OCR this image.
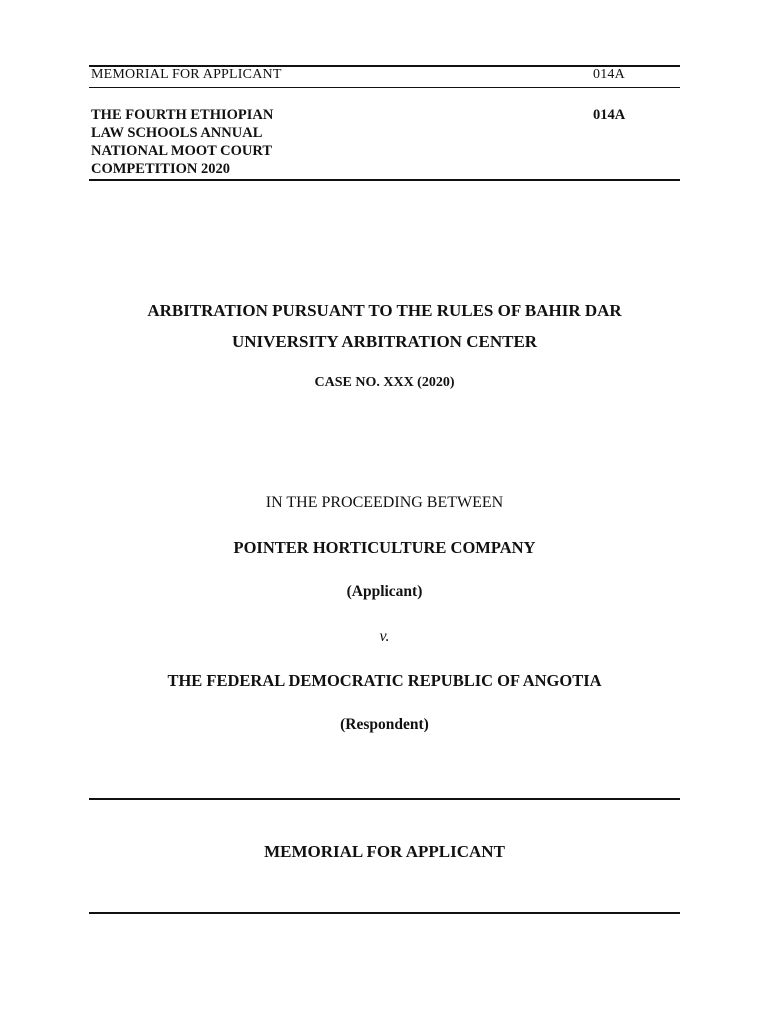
MEMORIAL FOR APPLICANT	014A
THE FOURTH ETHIOPIAN
LAW SCHOOLS ANNUAL
NATIONAL MOOT COURT
COMPETITION 2020
014A
ARBITRATION PURSUANT TO THE RULES OF BAHIR DAR
UNIVERSITY ARBITRATION CENTER
CASE NO. XXX (2020)
IN THE PROCEEDING BETWEEN
POINTER HORTICULTURE COMPANY
(Applicant)
v.
THE FEDERAL DEMOCRATIC REPUBLIC OF ANGOTIA
(Respondent)
MEMORIAL FOR APPLICANT
